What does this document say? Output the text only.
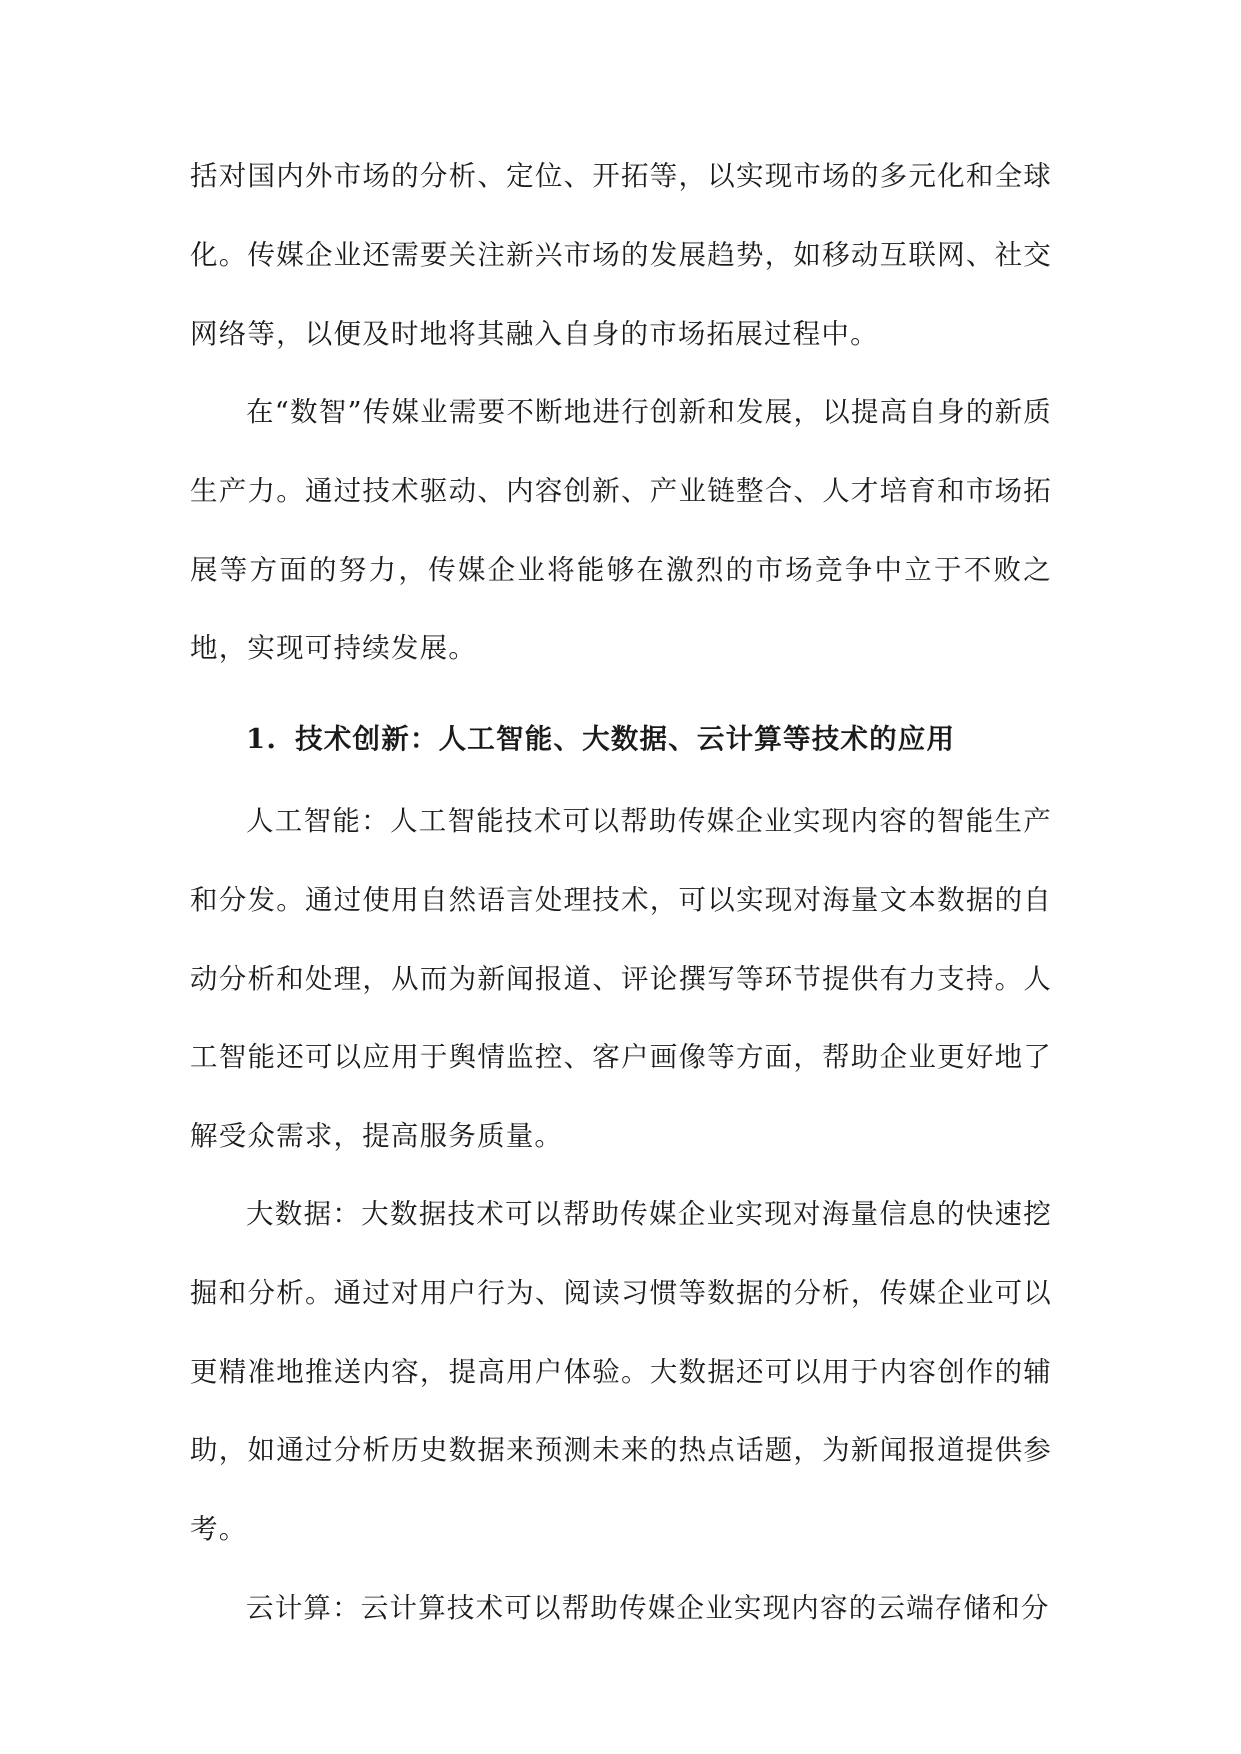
括对国内外市场的分析、定位、开拓等，以实现市场的多元化和全球化。传媒企业还需要关注新兴市场的发展趋势，如移动互联网、社交网络等，以便及时地将其融入自身的市场拓展过程中。
在“数智”传媒业需要不断地进行创新和发展，以提高自身的新质生产力。通过技术驱动、内容创新、产业链整合、人才培育和市场拓展等方面的努力，传媒企业将能够在激烈的市场竞争中立于不败之地，实现可持续发展。
1. 技术创新：人工智能、大数据、云计算等技术的应用
人工智能：人工智能技术可以帮助传媒企业实现内容的智能生产和分发。通过使用自然语言处理技术，可以实现对海量文本数据的自动分析和处理，从而为新闻报道、评论撰写等环节提供有力支持。人工智能还可以应用于舆情监控、客户画像等方面，帮助企业更好地了解受众需求，提高服务质量。
大数据：大数据技术可以帮助传媒企业实现对海量信息的快速挖掘和分析。通过对用户行为、阅读习惯等数据的分析，传媒企业可以更精准地推送内容，提高用户体验。大数据还可以用于内容创作的辅助，如通过分析历史数据来预测未来的热点话题，为新闻报道提供参考。
云计算：云计算技术可以帮助传媒企业实现内容的云端存储和分
